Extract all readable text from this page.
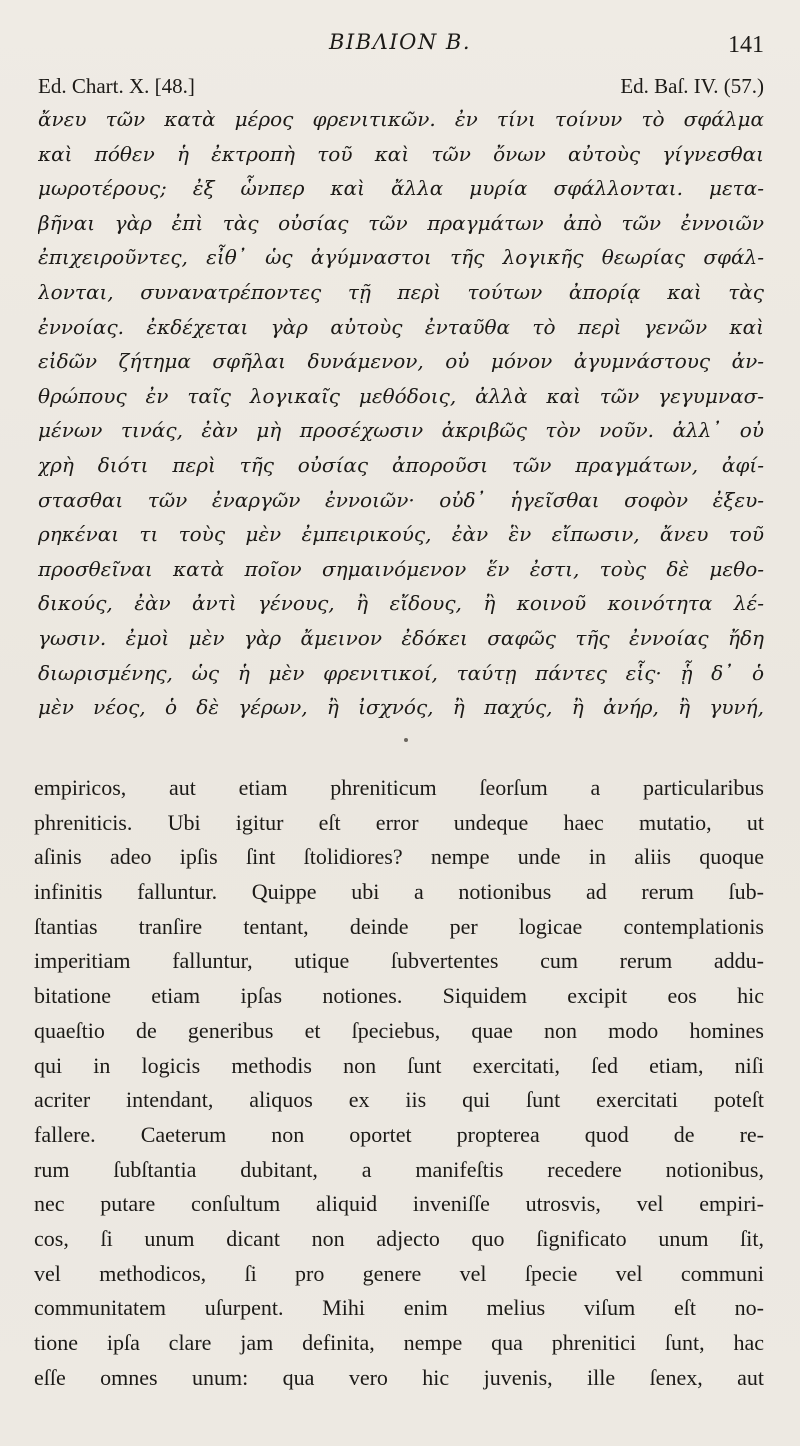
ΒΙΒΛΙΟΝ Β.	141
Ed. Chart. X. [48.]	Ed. Baſ. IV. (57.)
ἄνευ τῶν κατὰ μέρος φρενιτικῶν. ἐν τίνι τοίνυν τὸ σφάλμα
καὶ πόθεν ἡ ἐκτροπὴ τοῦ καὶ τῶν ὄνων αὐτοὺς γίγνεσθαι
μωροτέρους; ἐξ ὧνπερ καὶ ἄλλα μυρία σφάλλονται. μετα-
βῆναι γὰρ ἐπὶ τὰς οὐσίας τῶν πραγμάτων ἀπὸ τῶν ἐννοιῶν
ἐπιχειροῦντες, εἶθ᾽ ὡς ἀγύμναστοι τῆς λογικῆς θεωρίας σφάλ-
λονται, συνανατρέποντες τῇ περὶ τούτων ἀπορίᾳ καὶ τὰς
ἐννοίας. ἐκδέχεται γὰρ αὐτοὺς ἐνταῦθα τὸ περὶ γενῶν καὶ
εἰδῶν ζήτημα σφῆλαι δυνάμενον, οὐ μόνον ἀγυμνάστους ἀν-
θρώπους ἐν ταῖς λογικαῖς μεθόδοις, ἀλλὰ καὶ τῶν γεγυμνασ-
μένων τινάς, ἐὰν μὴ προσέχωσιν ἀκριβῶς τὸν νοῦν. ἀλλ᾽ οὐ
χρὴ διότι περὶ τῆς οὐσίας ἀποροῦσι τῶν πραγμάτων, ἀφί-
στασθαι τῶν ἐναργῶν ἐννοιῶν· οὐδ᾽ ἡγεῖσθαι σοφὸν ἐξευ-
ρηκέναι τι τοὺς μὲν ἐμπειρικούς, ἐὰν ἓν εἴπωσιν, ἄνευ τοῦ
προσθεῖναι κατὰ ποῖον σημαινόμενον ἕν ἐστι, τοὺς δὲ μεθο-
δικούς, ἐὰν ἀντὶ γένους, ἢ εἴδους, ἢ κοινοῦ κοινότητα λέ-
γωσιν. ἐμοὶ μὲν γὰρ ἄμεινον ἐδόκει σαφῶς τῆς ἐννοίας ἤδη
διωρισμένης, ὡς ἡ μὲν φρενιτικοί, ταύτῃ πάντες εἷς· ᾗ δ᾽ ὁ
μὲν νέος, ὁ δὲ γέρων, ἢ ἰσχνός, ἢ παχύς, ἢ ἀνήρ, ἢ γυνή,
empiricos, aut etiam phreniticum ſeorſum a particularibus
phreniticis. Ubi igitur eſt error undeque haec mutatio, ut
aſinis adeo ipſis ſint ſtolidiores? nempe unde in aliis quoque
infinitis falluntur. Quippe ubi a notionibus ad rerum ſub-
ſtantias tranſire tentant, deinde per logicae contemplationis
imperitiam falluntur, utique ſubvertentes cum rerum addu-
bitatione etiam ipſas notiones. Siquidem excipit eos hic
quaeſtio de generibus et ſpeciebus, quae non modo homines
qui in logicis methodis non ſunt exercitati, ſed etiam, niſi
acriter intendant, aliquos ex iis qui ſunt exercitati poteſt
fallere. Caeterum non oportet propterea quod de re-
rum ſubſtantia dubitant, a manifeſtis recedere notionibus,
nec putare conſultum aliquid inveniſſe utrosvis, vel empiri-
cos, ſi unum dicant non adjecto quo ſignificato unum ſit,
vel methodicos, ſi pro genere vel ſpecie vel communi
communitatem uſurpent. Mihi enim melius viſum eſt no-
tione ipſa clare jam definita, nempe qua phrenitici ſunt, hac
eſſe omnes unum: qua vero hic juvenis, ille ſenex, aut
